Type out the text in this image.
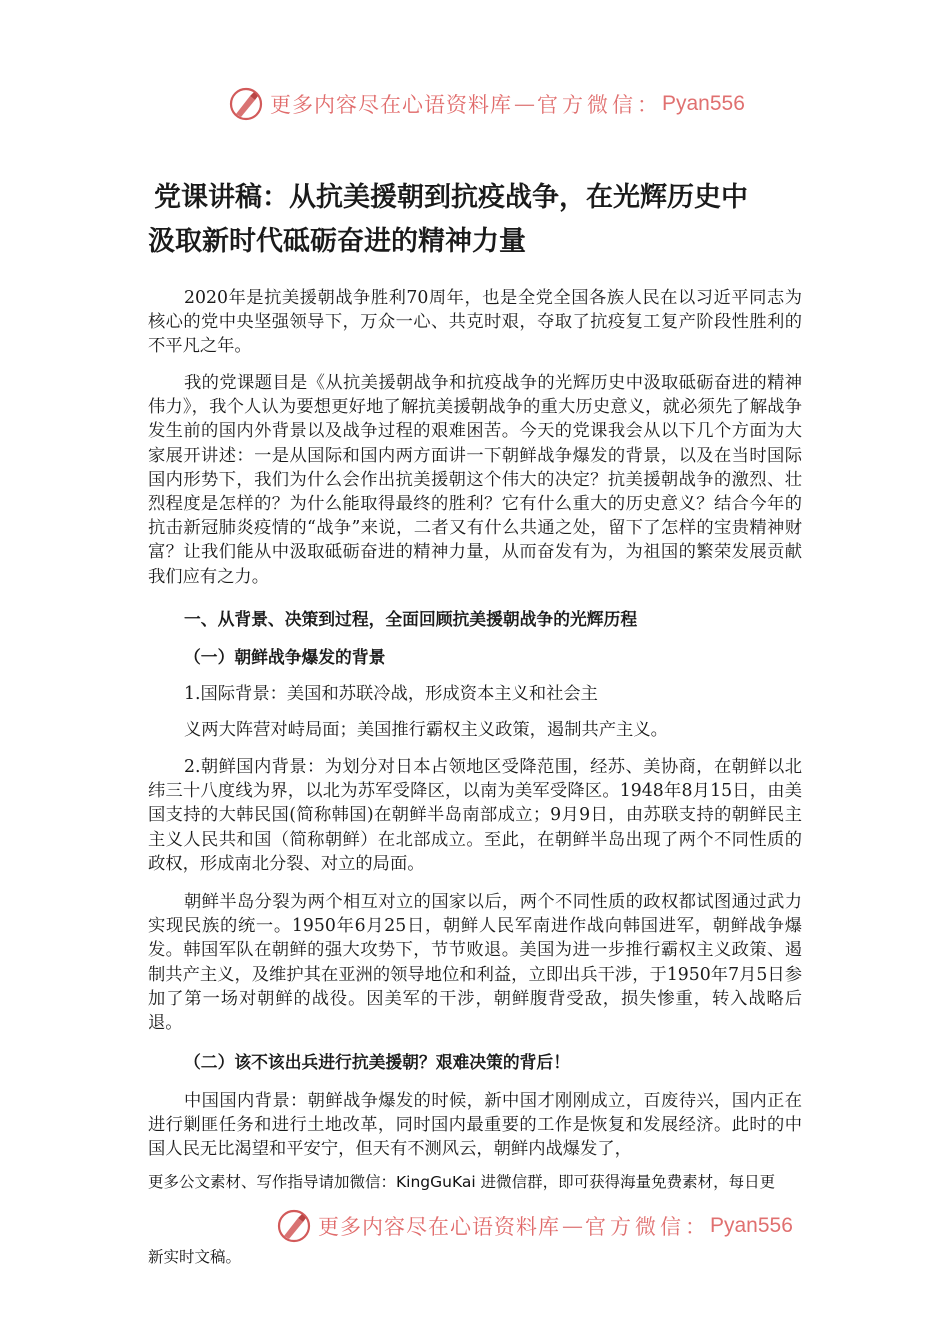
更多内容尽在心语资料库 — 官方微信： Pyan556
党课讲稿：从抗美援朝到抗疫战争，在光辉历史中
汲取新时代砥砺奋进的精神力量

2020年是抗美援朝战争胜利70周年，也是全党全国各族人民在以习近平同志为核心的党中央坚强领导下，万众一心、共克时艰，夺取了抗疫复工复产阶段性胜利的不平凡之年。

我的党课题目是《从抗美援朝战争和抗疫战争的光辉历史中汲取砥砺奋进的精神伟力》，我个人认为要想更好地了解抗美援朝战争的重大历史意义，就必须先了解战争发生前的国内外背景以及战争过程的艰难困苦。今天的党课我会从以下几个方面为大家展开讲述：一是从国际和国内两方面讲一下朝鲜战争爆发的背景，以及在当时国际国内形势下，我们为什么会作出抗美援朝这个伟大的决定？抗美援朝战争的激烈、壮烈程度是怎样的？为什么能取得最终的胜利？它有什么重大的历史意义？结合今年的抗击新冠肺炎疫情的“战争”来说，二者又有什么共通之处，留下了怎样的宝贵精神财富？让我们能从中汲取砥砺奋进的精神力量，从而奋发有为，为祖国的繁荣发展贡献我们应有之力。

一、从背景、决策到过程，全面回顾抗美援朝战争的光辉历程

（一）朝鲜战争爆发的背景

1.国际背景：美国和苏联冷战，形成资本主义和社会主

义两大阵营对峙局面；美国推行霸权主义政策，遏制共产主义。

2.朝鲜国内背景：为划分对日本占领地区受降范围，经苏、美协商，在朝鲜以北纬三十八度线为界，以北为苏军受降区，以南为美军受降区。1948年8月15日，由美国支持的大韩民国(简称韩国)在朝鲜半岛南部成立；9月9日，由苏联支持的朝鲜民主主义人民共和国（简称朝鲜）在北部成立。至此，在朝鲜半岛出现了两个不同性质的政权，形成南北分裂、对立的局面。

朝鲜半岛分裂为两个相互对立的国家以后，两个不同性质的政权都试图通过武力实现民族的统一。1950年6月25日，朝鲜人民军南进作战向韩国进军，朝鲜战争爆发。韩国军队在朝鲜的强大攻势下，节节败退。美国为进一步推行霸权主义政策、遏制共产主义，及维护其在亚洲的领导地位和利益，立即出兵干涉，于1950年7月5日参加了第一场对朝鲜的战役。因美军的干涉，朝鲜腹背受敌，损失惨重，转入战略后退。

（二）该不该出兵进行抗美援朝？艰难决策的背后！

中国国内背景：朝鲜战争爆发的时候，新中国才刚刚成立，百废待兴，国内正在进行剿匪任务和进行土地改革，同时国内最重要的工作是恢复和发展经济。此时的中国人民无比渴望和平安宁，但天有不测风云，朝鲜内战爆发了，

更多公文素材、写作指导请加微信：KingGuKai 进微信群，即可获得海量免费素材，每日更

更多内容尽在心语资料库 — 官方微信： Pyan556

新实时文稿。
